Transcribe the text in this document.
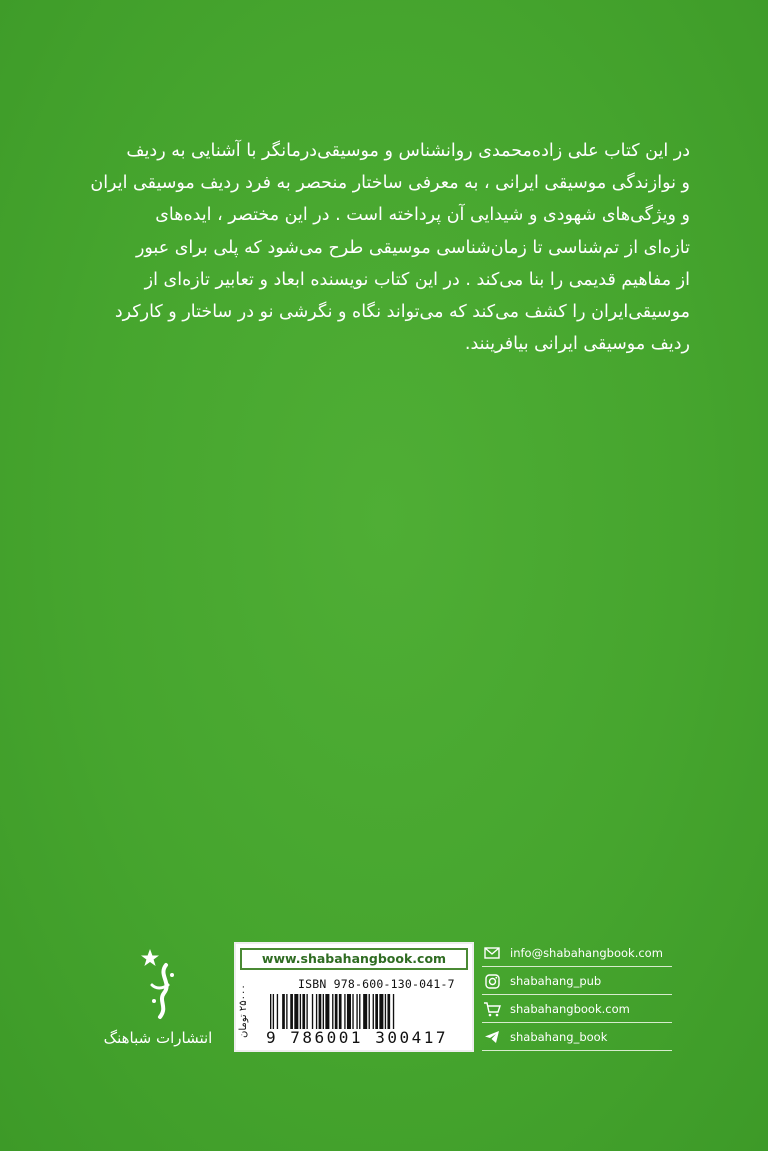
در این کتاب علی زاده‌محمدی روانشناس و موسیقی‌درمانگر با آشنایی به ردیف
و نوازندگی موسیقی ایرانی ، به معرفی ساختار منحصر به فرد ردیف موسیقی ایران
و ویژگی‌های شهودی و شیدایی آن پرداخته است . در این مختصر ، ایده‌های
تازه‌ای از تم‌شناسی تا زمان‌شناسی موسیقی طرح می‌شود که پلی برای عبور
از مفاهیم قدیمی را بنا می‌کند . در این کتاب نویسنده ابعاد و تعابیر تازه‌ای از
موسیقی‌ایران را کشف می‌کند که می‌تواند نگاه و نگرشی نو در ساختار و کارکرد
ردیف موسیقی ایرانی بیافرینند.
انتشارات شباهنگ
www.shabahangbook.com
ISBN 978-600-130-041-7
۲۵۰۰۰ تومان
9 786001 300417
info@shabahangbook.com
shabahang_pub
shabahangbook.com
shabahang_book
